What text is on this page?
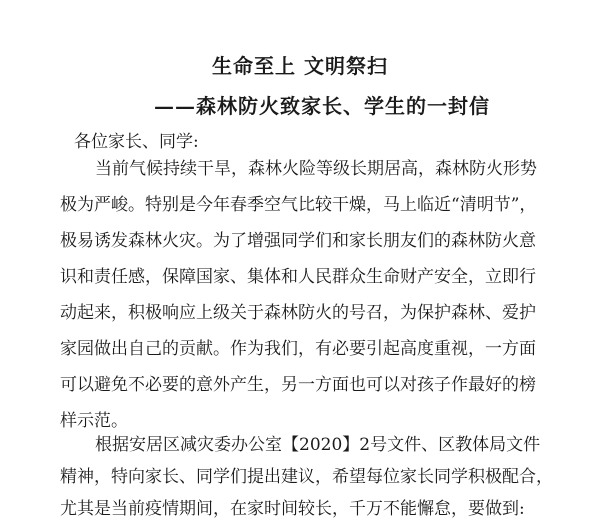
生命至上 文明祭扫
——森林防火致家长、学生的一封信
各位家长、同学:
当前气候持续干旱，森林火险等级长期居高，森林防火形势
极为严峻。特别是今年春季空气比较干燥，马上临近“清明节”，
极易诱发森林火灾。为了增强同学们和家长朋友们的森林防火意
识和责任感，保障国家、集体和人民群众生命财产安全，立即行
动起来，积极响应上级关于森林防火的号召，为保护森林、爱护
家园做出自己的贡献。作为我们，有必要引起高度重视，一方面
可以避免不必要的意外产生，另一方面也可以对孩子作最好的榜
样示范。
根据安居区减灾委办公室【2020】2号文件、区教体局文件
精神，特向家长、同学们提出建议，希望每位家长同学积极配合，
尤其是当前疫情期间，在家时间较长，千万不能懈怠，要做到:
